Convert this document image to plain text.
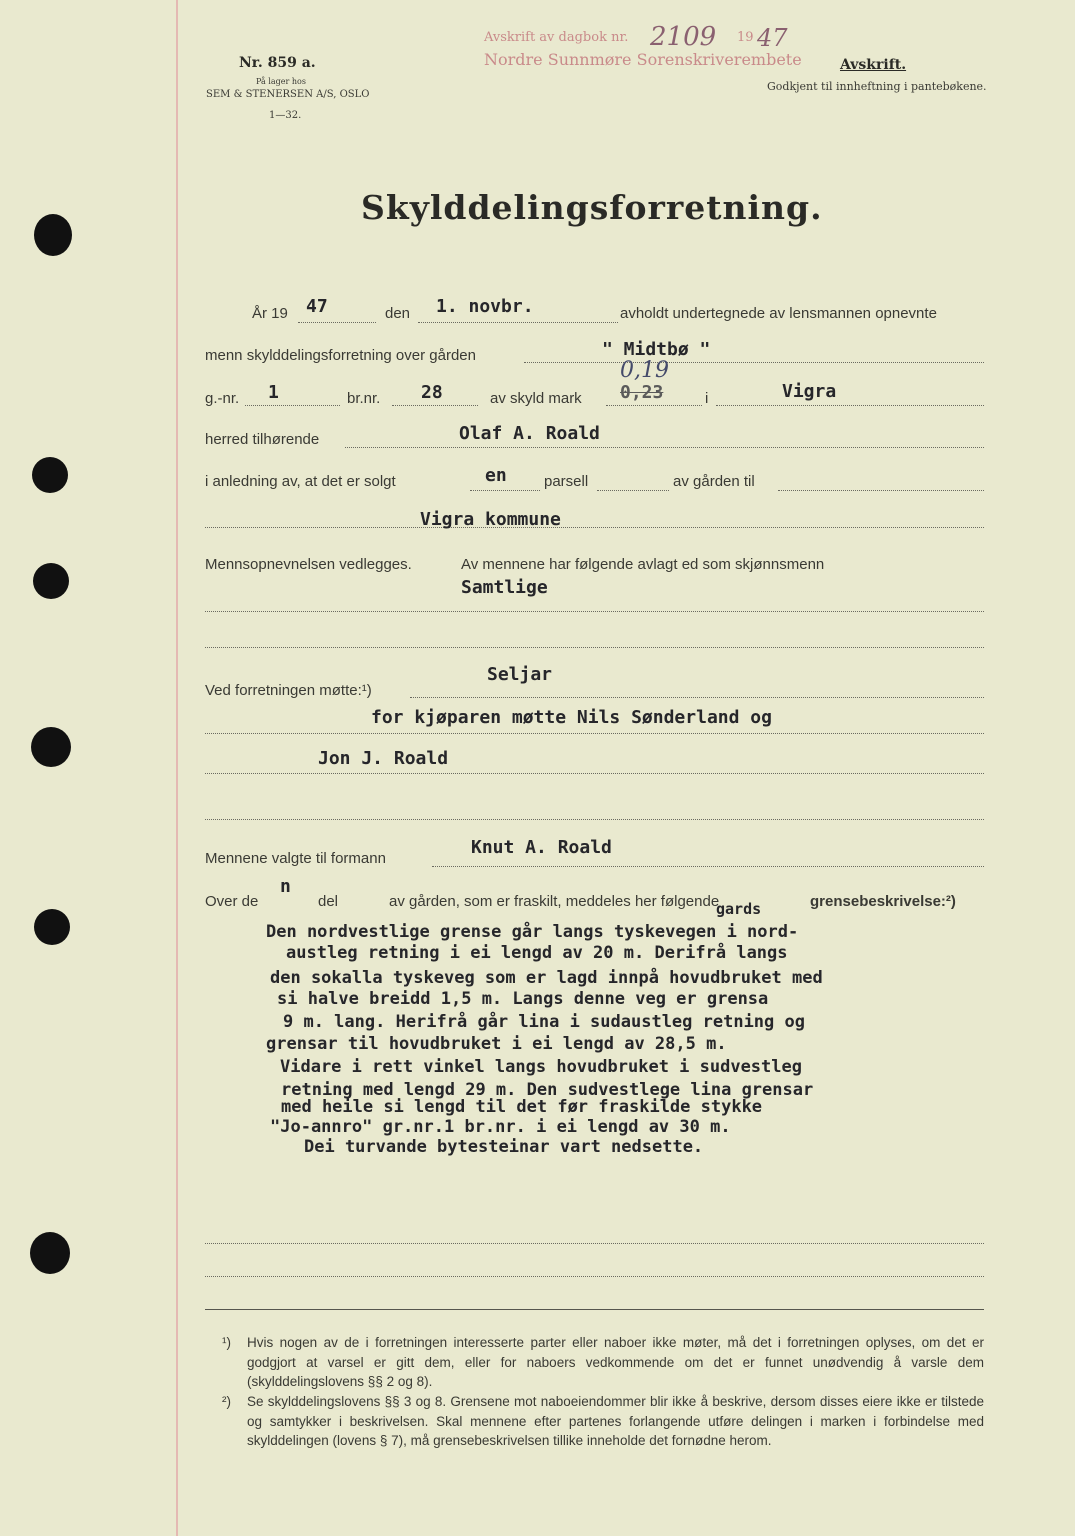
Nr. 859 a.
På lager hos
SEM & STENERSEN A/S, OSLO
1—32.
Avskrift av dagbok nr. 2109 19 47
Nordre Sunnmøre Sorenskriverembete	Avskrift.
Godkjent til innheftning i pantebøkene.
Skylddelingsforretning.
År 19 47	den 1. novbr.	avholdt undertegnede av lensmannen opnevnte
menn skylddelingsforretning over gården	" Midtbø "
g.-nr. 1	br.nr. 28	av skyld mark
0,19
0,23	i	Vigra
herred tilhørende	Olaf A. Roald
i anledning av, at det er solgt	en parsell	av gården til
Vigra kommune
Mennsopnevnelsen vedlegges.	Av mennene har følgende avlagt ed som skjønnsmenn
Samtlige
Seljar
Ved forretningen møtte:¹)
for kjøparen møtte Nils Sønderland og
Jon J. Roald
Mennene valgte til formann
Knut A. Roald
Over de
n
del	av gården, som er fraskilt, meddeles her følgende
gards	grensebeskrivelse:²)
Den nordvestlige grense går langs tyskevegen i nord-
austleg retning i ei lengd av 20 m. Derifrå langs
den sokalla tyskeveg som er lagd innpå hovudbruket med
si halve breidd 1,5 m. Langs denne veg er grensa
9 m. lang. Herifrå går lina i sudaustleg retning og
grensar til hovudbruket i ei lengd av 28,5 m.
Vidare i rett vinkel langs hovudbruket i sudvestleg
retning med lengd 29 m. Den sudvestlege lina grensar
med heile si lengd til det før fraskilde stykke
"Jo-annro" gr.nr.1 br.nr. i ei lengd av 30 m.
Dei turvande bytesteinar vart nedsette.
¹) Hvis nogen av de i forretningen interesserte parter eller naboer ikke møter, må det i forretningen oplyses, om det er godgjort at varsel er gitt dem, eller for naboers vedkommende om det er funnet unødvendig å varsle dem (skylddelingslovens §§ 2 og 8).
²) Se skylddelingslovens §§ 3 og 8. Grensene mot naboeiendommer blir ikke å beskrive, dersom disses eiere ikke er tilstede og samtykker i beskrivelsen. Skal mennene efter partenes forlangende utføre delingen i marken i forbindelse med skylddelingen (lovens § 7), må grensebeskrivelsen tillike inneholde det fornødne herom.
